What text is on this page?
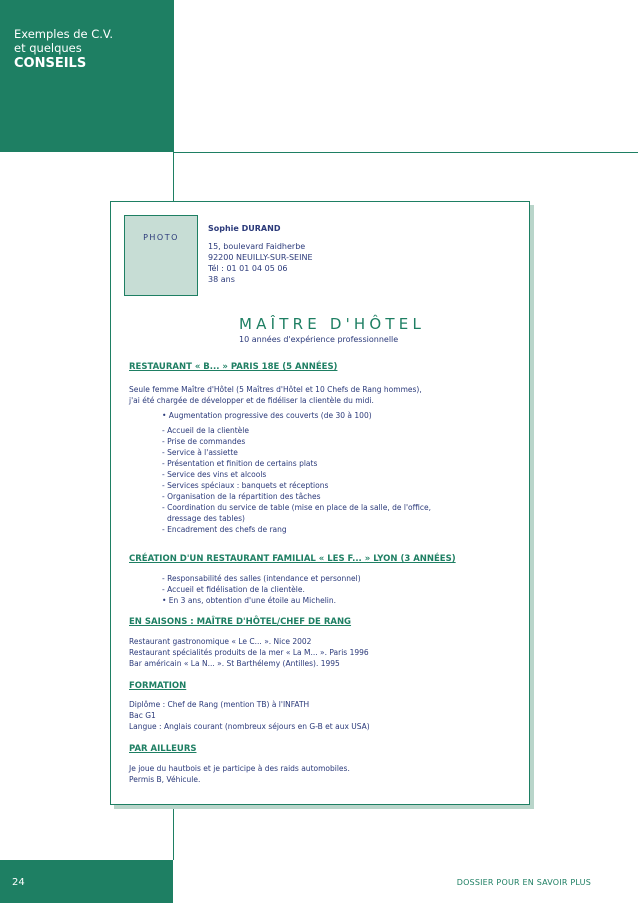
Exemples de C.V.
et quelques
CONSEILS
PHOTO
Sophie DURAND
15, boulevard Faidherbe
92200 NEUILLY-SUR-SEINE
Tél : 01 01 04 05 06
38 ans
MAÎTRE D'HÔTEL
10 années d'expérience professionnelle
RESTAURANT « B... » PARIS 18E (5 ANNÉES)
Seule femme Maître d'Hôtel (5 Maîtres d'Hôtel et 10 Chefs de Rang hommes),
j'ai été chargée de développer et de fidéliser la clientèle du midi.
• Augmentation progressive des couverts (de 30 à 100)
- Accueil de la clientèle
- Prise de commandes
- Service à l'assiette
- Présentation et finition de certains plats
- Service des vins et alcools
- Services spéciaux : banquets et réceptions
- Organisation de la répartition des tâches
- Coordination du service de table (mise en place de la salle, de l'office,
dressage des tables)
- Encadrement des chefs de rang
CRÉATION D'UN RESTAURANT FAMILIAL « LES F... » LYON (3 ANNÉES)
- Responsabilité des salles (intendance et personnel)
- Accueil et fidélisation de la clientèle.
• En 3 ans, obtention d'une étoile au Michelin.
EN SAISONS : MAÎTRE D'HÔTEL/CHEF DE RANG
Restaurant gastronomique « Le C... ». Nice 2002
Restaurant spécialités produits de la mer « La M... ». Paris 1996
Bar américain « La N... ». St Barthélemy (Antilles). 1995
FORMATION
Diplôme : Chef de Rang (mention TB) à l'INFATH
Bac G1
Langue : Anglais courant (nombreux séjours en G-B et aux USA)
PAR AILLEURS
Je joue du hautbois et je participe à des raids automobiles.
Permis B, Véhicule.
24	DOSSIER POUR EN SAVOIR PLUS
